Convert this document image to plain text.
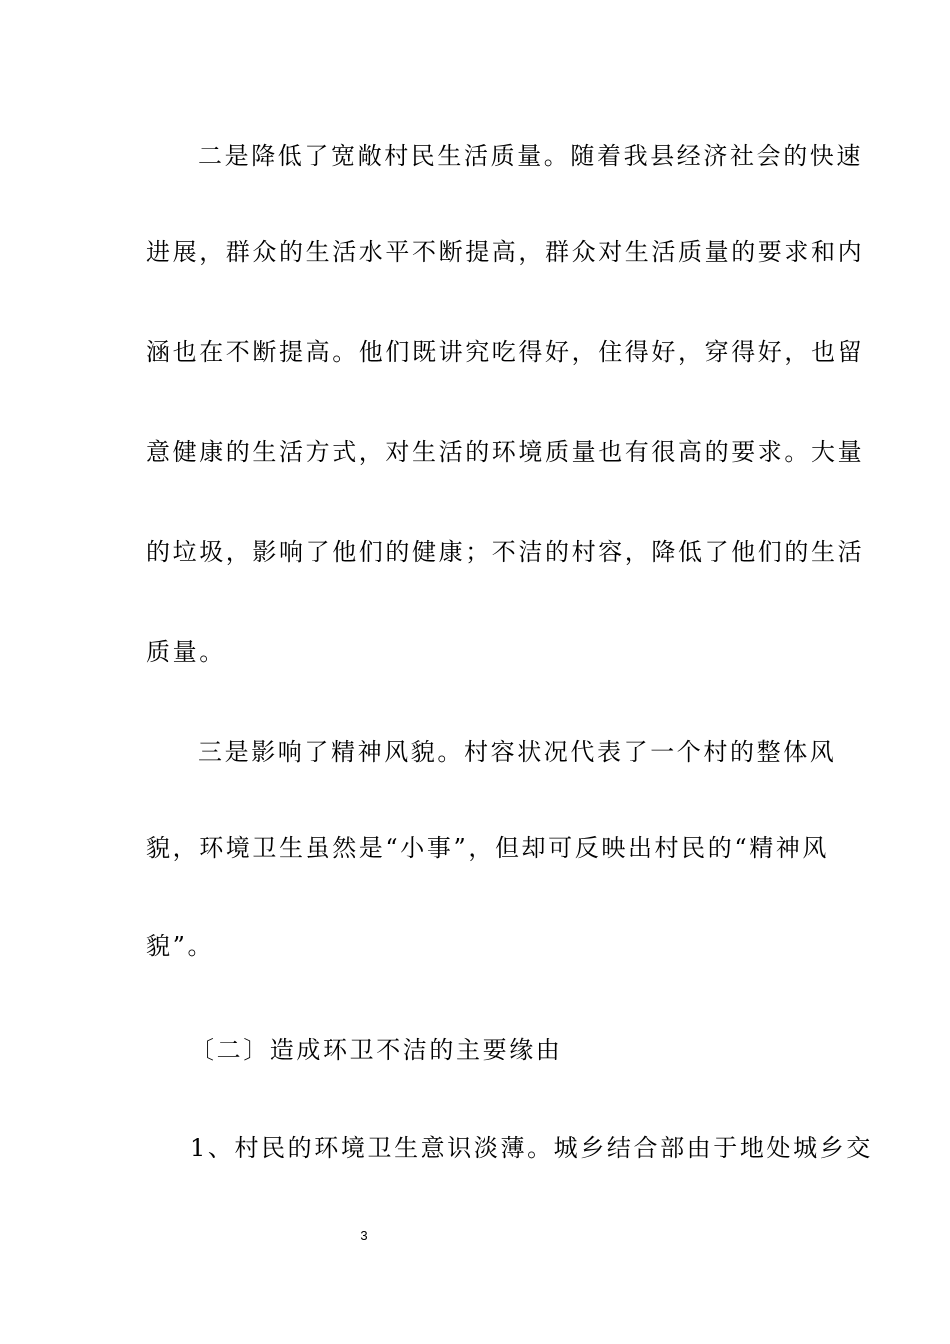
二是降低了宽敞村民生活质量。随着我县经济社会的快速
进展，群众的生活水平不断提高，群众对生活质量的要求和内
涵也在不断提高。他们既讲究吃得好，住得好，穿得好，也留
意健康的生活方式，对生活的环境质量也有很高的要求。大量
的垃圾，影响了他们的健康；不洁的村容，降低了他们的生活
质量。
三是影响了精神风貌。村容状况代表了一个村的整体风
貌，环境卫生虽然是“小事”，但却可反映出村民的“精神风
貌”。
〔二〕造成环卫不洁的主要缘由
1、村民的环境卫生意识淡薄。城乡结合部由于地处城乡交
3
